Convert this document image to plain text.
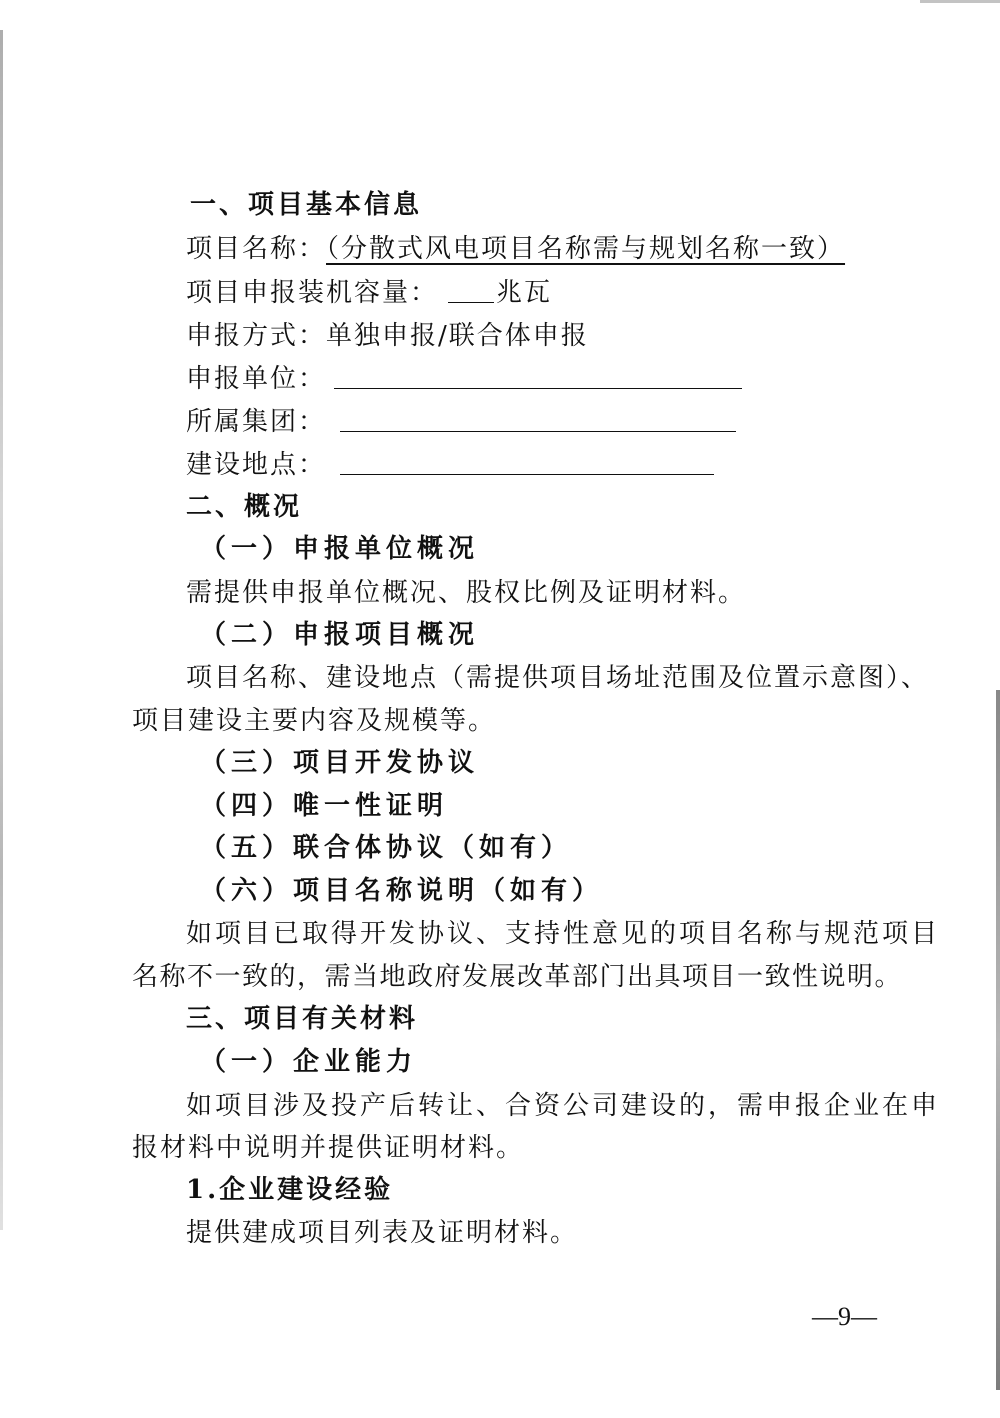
一、项目基本信息
项目名称：（分散式风电项目名称需与规划名称一致）
项目申报装机容量： 兆瓦
申报方式：单独申报/联合体申报
申报单位：
所属集团：
建设地点：
二、概况
（一）申报单位概况
需提供申报单位概况、股权比例及证明材料。
（二）申报项目概况
项目名称、建设地点（需提供项目场址范围及位置示意图）、
项目建设主要内容及规模等。
（三）项目开发协议
（四）唯一性证明
（五）联合体协议（如有）
（六）项目名称说明（如有）
如项目已取得开发协议、支持性意见的项目名称与规范项目
名称不一致的，需当地政府发展改革部门出具项目一致性说明。
三、项目有关材料
（一）企业能力
如项目涉及投产后转让、合资公司建设的，需申报企业在申
报材料中说明并提供证明材料。
1.企业建设经验
提供建成项目列表及证明材料。
—9—
